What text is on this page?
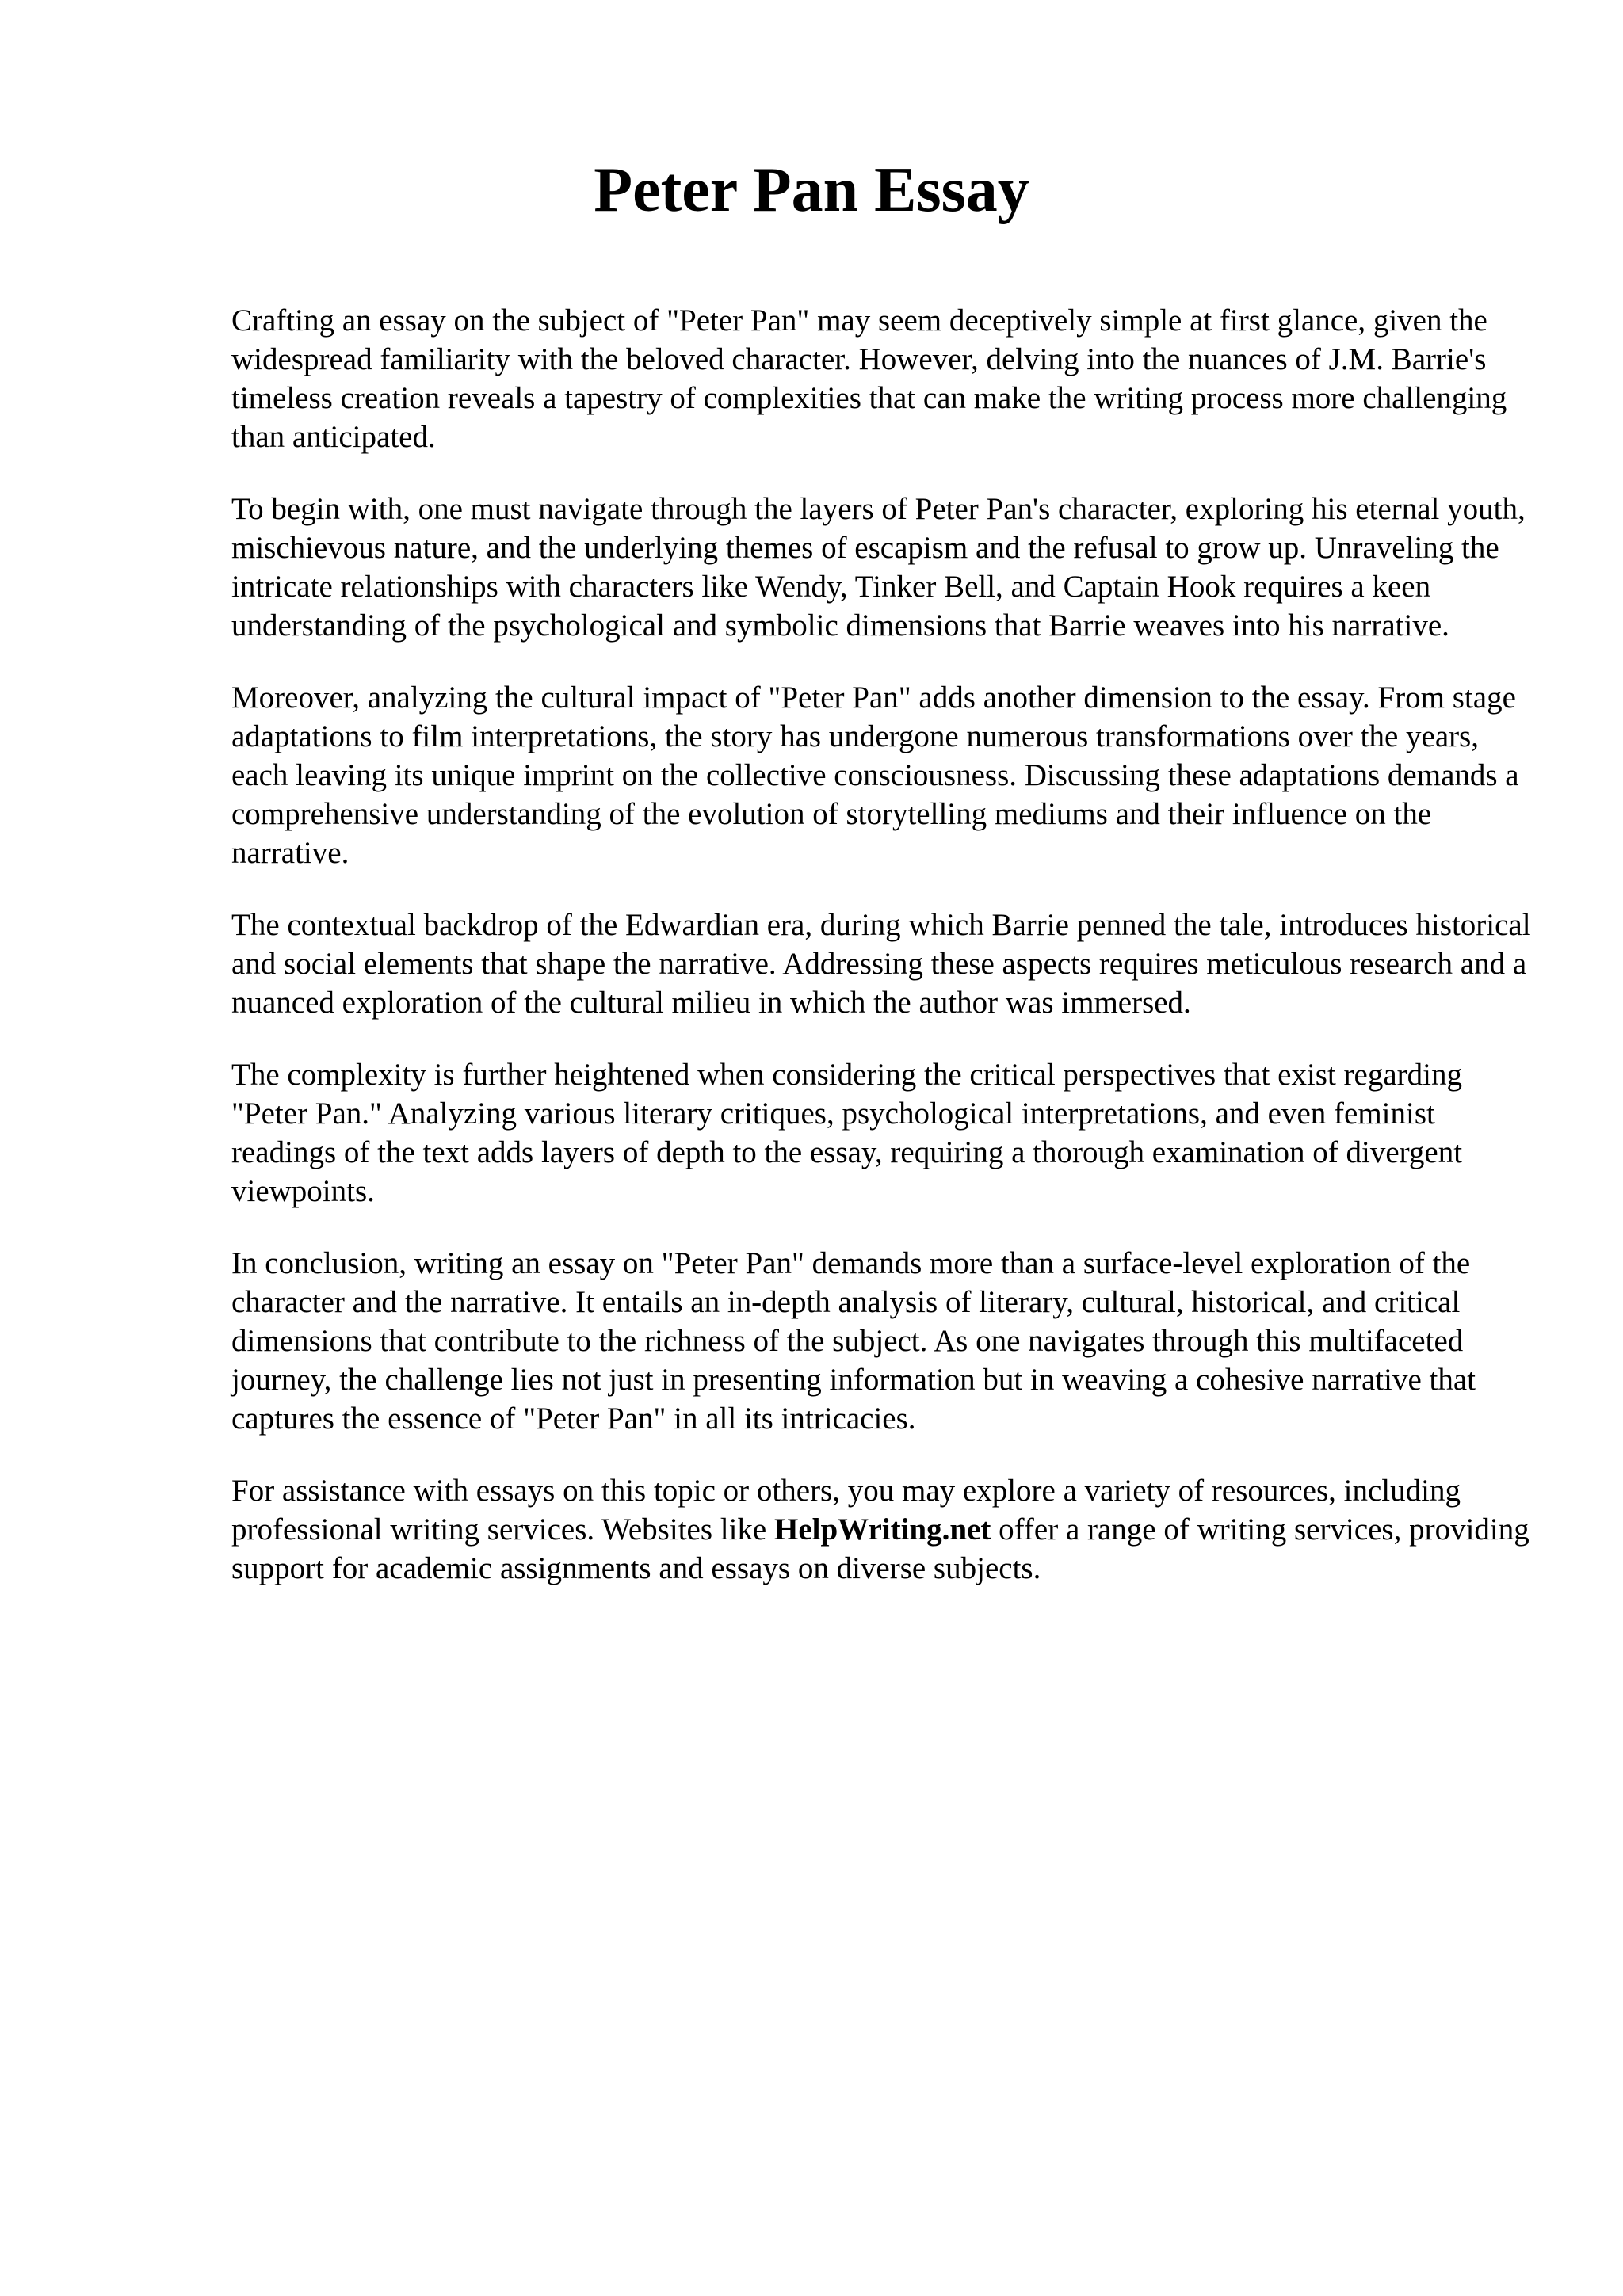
Peter Pan Essay

Crafting an essay on the subject of "Peter Pan" may seem deceptively simple at first glance, given the widespread familiarity with the beloved character. However, delving into the nuances of J.M. Barrie's timeless creation reveals a tapestry of complexities that can make the writing process more challenging than anticipated.

To begin with, one must navigate through the layers of Peter Pan's character, exploring his eternal youth, mischievous nature, and the underlying themes of escapism and the refusal to grow up. Unraveling the intricate relationships with characters like Wendy, Tinker Bell, and Captain Hook requires a keen understanding of the psychological and symbolic dimensions that Barrie weaves into his narrative.

Moreover, analyzing the cultural impact of "Peter Pan" adds another dimension to the essay. From stage adaptations to film interpretations, the story has undergone numerous transformations over the years, each leaving its unique imprint on the collective consciousness. Discussing these adaptations demands a comprehensive understanding of the evolution of storytelling mediums and their influence on the narrative.

The contextual backdrop of the Edwardian era, during which Barrie penned the tale, introduces historical and social elements that shape the narrative. Addressing these aspects requires meticulous research and a nuanced exploration of the cultural milieu in which the author was immersed.

The complexity is further heightened when considering the critical perspectives that exist regarding "Peter Pan." Analyzing various literary critiques, psychological interpretations, and even feminist readings of the text adds layers of depth to the essay, requiring a thorough examination of divergent viewpoints.

In conclusion, writing an essay on "Peter Pan" demands more than a surface-level exploration of the character and the narrative. It entails an in-depth analysis of literary, cultural, historical, and critical dimensions that contribute to the richness of the subject. As one navigates through this multifaceted journey, the challenge lies not just in presenting information but in weaving a cohesive narrative that captures the essence of "Peter Pan" in all its intricacies.

For assistance with essays on this topic or others, you may explore a variety of resources, including professional writing services. Websites like HelpWriting.net offer a range of writing services, providing support for academic assignments and essays on diverse subjects.
